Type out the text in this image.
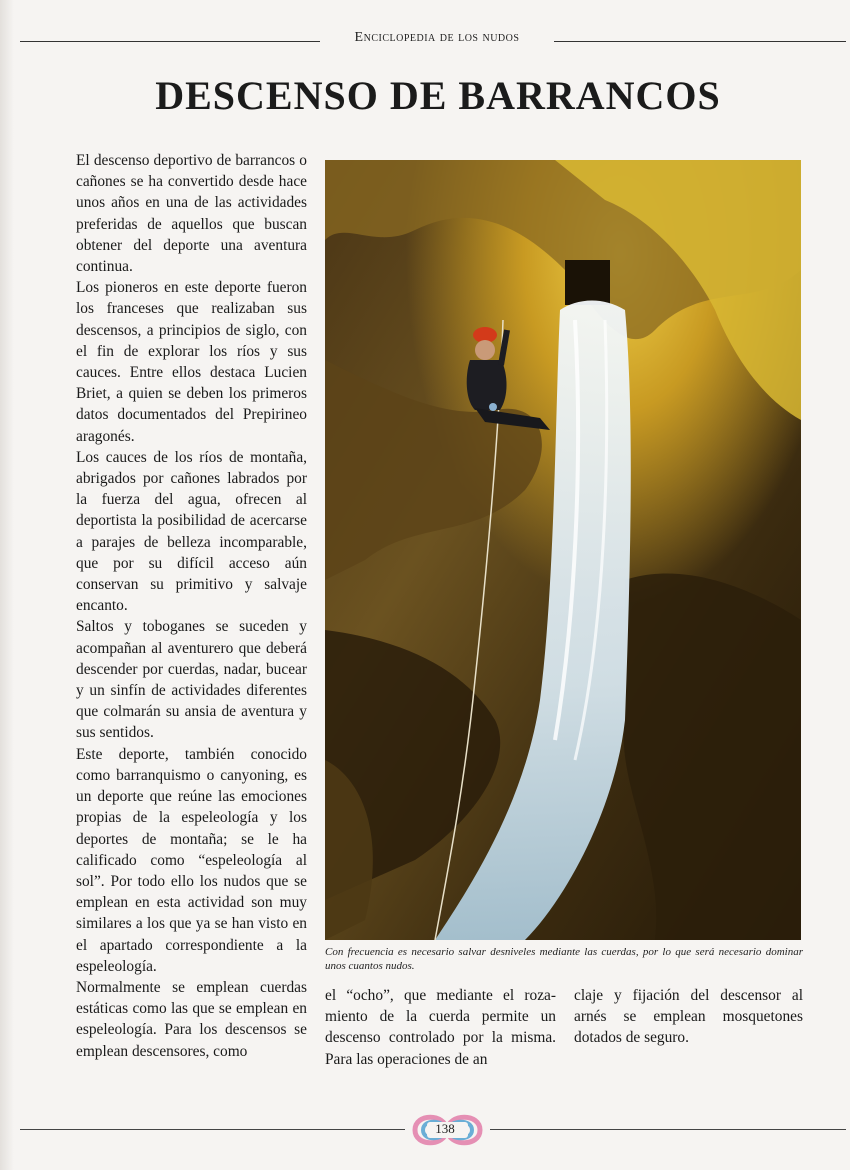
Enciclopedia de los nudos
DESCENSO DE BARRANCOS

El descenso deportivo de barrancos o cañones se ha convertido desde hace unos años en una de las actividades preferidas de aquellos que buscan obtener del deporte una aventura continua.

Los pioneros en este deporte fueron los franceses que realizaban sus descensos, a principios de siglo, con el fin de explorar los ríos y sus cauces. Entre ellos destaca Lucien Briet, a quien se deben los primeros datos documentados del Prepirineo aragonés.

Los cauces de los ríos de montaña, abrigados por cañones labrados por la fuerza del agua, ofrecen al deportista la posibilidad de acercarse a parajes de belleza incomparable, que por su difícil acceso aún conservan su primitivo y salvaje encanto.

Saltos y toboganes se suceden y acompañan al aventurero que deberá descender por cuerdas, nadar, bucear y un sinfín de actividades diferentes que colmarán su ansia de aventura y sus sentidos.

Este deporte, también conocido como barranquismo o canyoning, es un deporte que reúne las emociones propias de la espeleología y los deportes de montaña; se le ha calificado como “espeleología al sol”. Por todo ello los nudos que se emplean en esta actividad son muy similares a los que ya se han visto en el apartado correspondiente a la espeleología.

Normalmente se emplean cuerdas estáticas como las que se emplean en espeleología. Para los descensos se emplean descensores, como

Con frecuencia es necesario salvar desniveles mediante las cuerdas, por lo que será necesario dominar unos cuantos nudos.

el “ocho”, que mediante el rozamiento de la cuerda permite un descenso controlado por la misma. Para las operaciones de an

claje y fijación del descensor al arnés se emplean mosquetones dotados de seguro.

138
